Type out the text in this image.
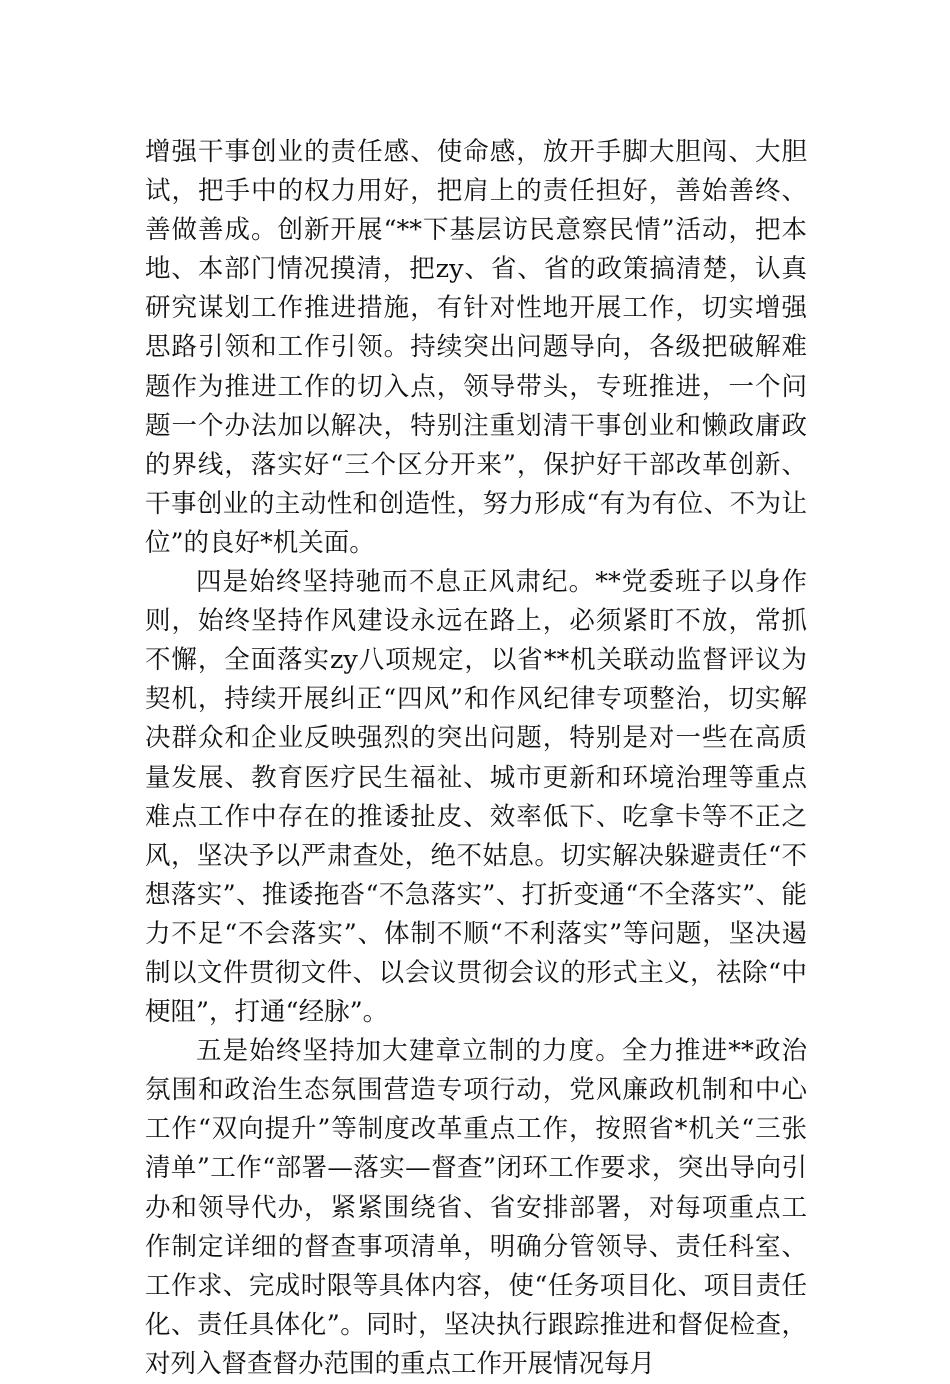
增强干事创业的责任感、使命感，放开手脚大胆闯、大胆试，把手中的权力用好，把肩上的责任担好，善始善终、善做善成。创新开展“**下基层访民意察民情”活动，把本地、本部门情况摸清，把zy、省、省的政策搞清楚，认真研究谋划工作推进措施，有针对性地开展工作，切实增强思路引领和工作引领。持续突出问题导向，各级把破解难题作为推进工作的切入点，领导带头，专班推进，一个问题一个办法加以解决，特别注重划清干事创业和懒政庸政的界线，落实好“三个区分开来”，保护好干部改革创新、干事创业的主动性和创造性，努力形成“有为有位、不为让位”的良好*机关面。

四是始终坚持驰而不息正风肃纪。**党委班子以身作则，始终坚持作风建设永远在路上，必须紧盯不放，常抓不懈，全面落实zy八项规定，以省**机关联动监督评议为契机，持续开展纠正“四风”和作风纪律专项整治，切实解决群众和企业反映强烈的突出问题，特别是对一些在高质量发展、教育医疗民生福祉、城市更新和环境治理等重点难点工作中存在的推诿扯皮、效率低下、吃拿卡等不正之风，坚决予以严肃查处，绝不姑息。切实解决躲避责任“不想落实”、推诿拖沓“不急落实”、打折变通“不全落实”、能力不足“不会落实”、体制不顺“不利落实”等问题，坚决遏制以文件贯彻文件、以会议贯彻会议的形式主义，祛除“中梗阻”，打通“经脉”。

五是始终坚持加大建章立制的力度。全力推进**政治氛围和政治生态氛围营造专项行动，党风廉政机制和中心工作“双向提升”等制度改革重点工作，按照省*机关“三张清单”工作“部署—落实—督查”闭环工作要求，突出导向引办和领导代办，紧紧围绕省、省安排部署，对每项重点工作制定详细的督查事项清单，明确分管领导、责任科室、工作求、完成时限等具体内容，使“任务项目化、项目责任化、责任具体化”。同时，坚决执行跟踪推进和督促检查，对列入督查督办范围的重点工作开展情况每月
